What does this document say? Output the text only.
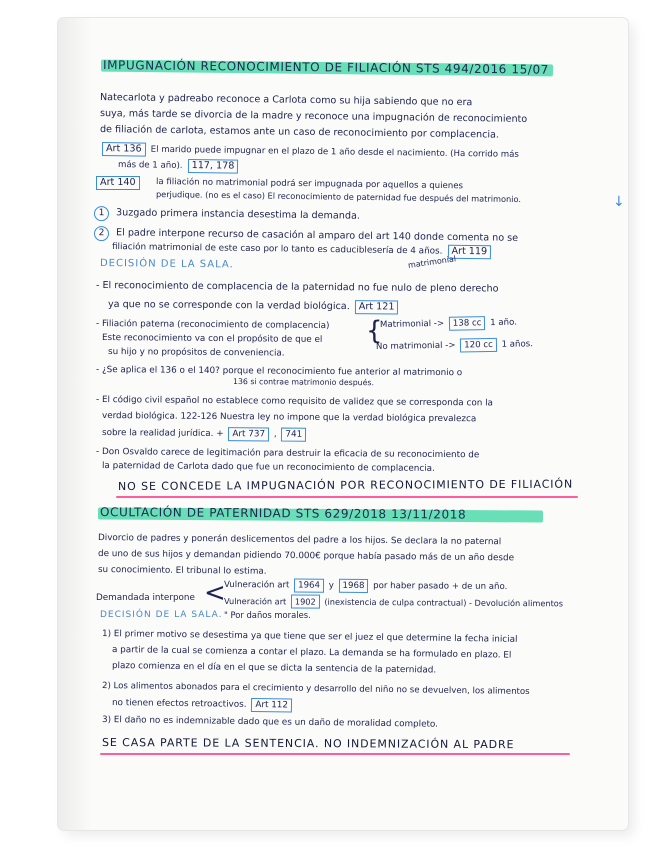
IMPUGNACIÓN RECONOCIMIENTO DE FILIACIÓN STS 494/2016 15/07
Natecarlota y padreabo reconoce a Carlota como su hija sabiendo que no era
suya, más tarde se divorcia de la madre y reconoce una impugnación de reconocimiento
de filiación de carlota, estamos ante un caso de reconocimiento por complacencia.
Art 136 El marido puede impugnar en el plazo de 1 año desde el nacimiento. (Ha corrido más
más de 1 año). 117, 178
Art 140	la filiación no matrimonial podrá ser impugnada por aquellos a quienes
perjudique. (no es el caso) El reconocimiento de paternidad fue después del matrimonio.	↓
1 3uzgado primera instancia desestima la demanda.
2 El padre interpone recurso de casación al amparo del art 140 donde comenta no se
filiación matrimonial de este caso por lo tanto es caduciblesería de 4 años. Art 119
DECISIÓN DE LA SALA.	matrimonial
- El reconocimiento de complacencia de la paternidad no fue nulo de pleno derecho
ya que no se corresponde con la verdad biológica. Art 121
- Filiación paterna (reconocimiento de complacencia)
Este reconocimiento va con el propósito de que el
su hijo y no propósitos de conveniencia.
{
Matrimonial -> 138 cc 1 año.
No matrimonial -> 120 cc 1 años.
- ¿Se aplica el 136 o el 140? porque el reconocimiento fue anterior al matrimonio o
136 si contrae matrimonio después.
- El código civil español no establece como requisito de validez que se corresponda con la
verdad biológica. 122-126 Nuestra ley no impone que la verdad biológica prevalezca
sobre la realidad jurídica. + Art 737 , 741
- Don Osvaldo carece de legitimación para destruir la eficacia de su reconocimiento de
la paternidad de Carlota dado que fue un reconocimiento de complacencia.
NO SE CONCEDE LA IMPUGNACIÓN POR RECONOCIMIENTO DE FILIACIÓN
OCULTACIÓN DE PATERNIDAD STS 629/2018 13/11/2018
Divorcio de padres y ponerán deslicementos del padre a los hijos. Se declara la no paternal
de uno de sus hijos y demandan pidiendo 70.000€ porque había pasado más de un año desde
su conocimiento. El tribunal lo estima.
Demandada interpone <
Vulneración art 1964 y 1968 por haber pasado + de un año.
Vulneración art 1902 (inexistencia de culpa contractual) - Devolución alimentos
" Por daños morales.
DECISIÓN DE LA SALA.
1) El primer motivo se desestima ya que tiene que ser el juez el que determine la fecha inicial
a partir de la cual se comienza a contar el plazo. La demanda se ha formulado en plazo. El
plazo comienza en el día en el que se dicta la sentencia de la paternidad.
2) Los alimentos abonados para el crecimiento y desarrollo del niño no se devuelven, los alimentos
no tienen efectos retroactivos. Art 112
3) El daño no es indemnizable dado que es un daño de moralidad completo.
SE CASA PARTE DE LA SENTENCIA. NO INDEMNIZACIÓN AL PADRE
